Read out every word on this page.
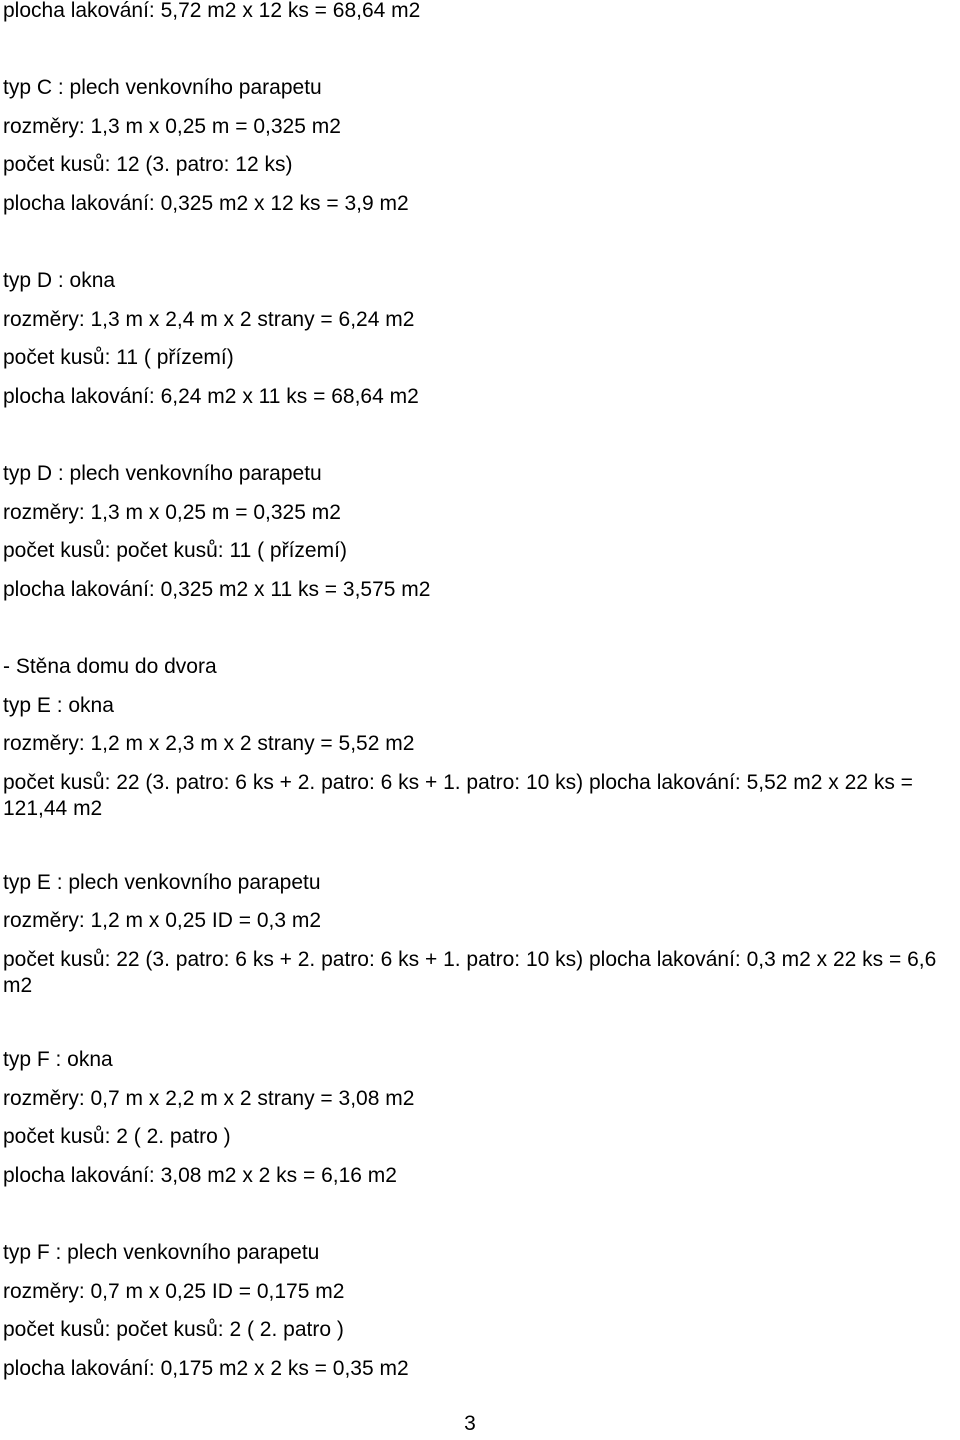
plocha lakování: 5,72 m2 x 12 ks = 68,64 m2
typ C : plech venkovního parapetu
rozměry: 1,3 m x 0,25 m = 0,325 m2
počet kusů: 12 (3. patro: 12 ks)
plocha lakování: 0,325 m2 x 12 ks = 3,9 m2
typ D : okna
rozměry: 1,3 m x 2,4 m x 2 strany = 6,24 m2
počet kusů: 11 ( přízemí)
plocha lakování: 6,24 m2 x 11 ks = 68,64 m2
typ D : plech venkovního parapetu
rozměry: 1,3 m x 0,25 m = 0,325 m2
počet kusů: počet kusů: 11 ( přízemí)
plocha lakování: 0,325 m2 x 11 ks = 3,575 m2
- Stěna domu do dvora
typ E : okna
rozměry: 1,2 m x 2,3 m x 2 strany = 5,52 m2
počet kusů: 22 (3. patro: 6 ks + 2. patro: 6 ks + 1. patro: 10 ks) plocha lakování: 5,52 m2 x 22 ks = 121,44 m2
typ E : plech venkovního parapetu
rozměry: 1,2 m x 0,25 ID = 0,3 m2
počet kusů: 22 (3. patro: 6 ks + 2. patro: 6 ks + 1. patro: 10 ks) plocha lakování: 0,3 m2 x 22 ks = 6,6 m2
typ F : okna
rozměry: 0,7 m x 2,2 m x 2 strany = 3,08 m2
počet kusů: 2 ( 2. patro )
plocha lakování: 3,08 m2 x 2 ks = 6,16 m2
typ F : plech venkovního parapetu
rozměry: 0,7 m x 0,25 ID = 0,175 m2
počet kusů: počet kusů: 2 ( 2. patro )
plocha lakování: 0,175 m2 x 2 ks = 0,35 m2
3
